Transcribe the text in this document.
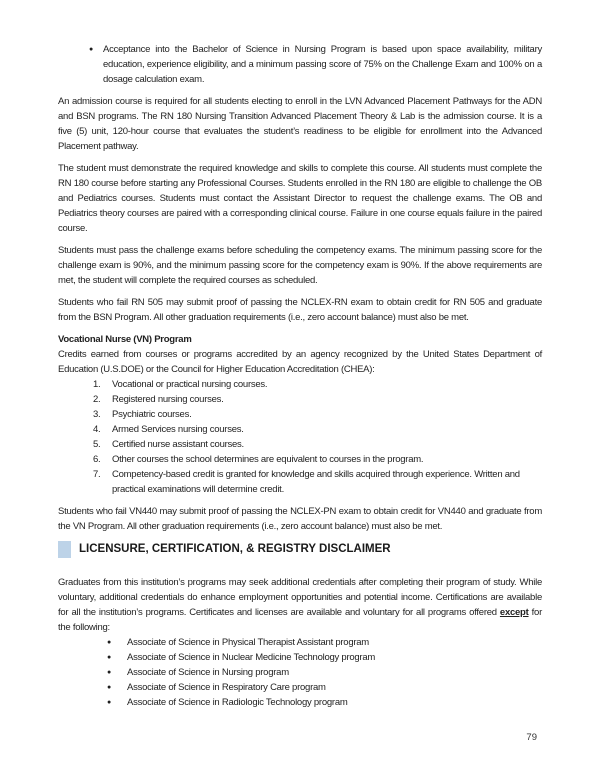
● Acceptance into the Bachelor of Science in Nursing Program is based upon space availability, military education, experience eligibility, and a minimum passing score of 75% on the Challenge Exam and 100% on a dosage calculation exam.

An admission course is required for all students electing to enroll in the LVN Advanced Placement Pathways for the ADN and BSN programs. The RN 180 Nursing Transition Advanced Placement Theory & Lab is the admission course. It is a five (5) unit, 120-hour course that evaluates the student’s readiness to be eligible for enrollment into the Advanced Placement pathway.

The student must demonstrate the required knowledge and skills to complete this course. All students must complete the RN 180 course before starting any Professional Courses. Students enrolled in the RN 180 are eligible to challenge the OB and Pediatrics courses. Students must contact the Assistant Director to request the challenge exams. The OB and Pediatrics theory courses are paired with a corresponding clinical course. Failure in one course equals failure in the paired course.

Students must pass the challenge exams before scheduling the competency exams. The minimum passing score for the challenge exam is 90%, and the minimum passing score for the competency exam is 90%. If the above requirements are met, the student will complete the required courses as scheduled.

Students who fail RN 505 may submit proof of passing the NCLEX-RN exam to obtain credit for RN 505 and graduate from the BSN Program. All other graduation requirements (i.e., zero account balance) must also be met.

Vocational Nurse (VN) Program

Credits earned from courses or programs accredited by an agency recognized by the United States Department of Education (U.S.DOE) or the Council for Higher Education Accreditation (CHEA):

Vocational or practical nursing courses.
Registered nursing courses.
Psychiatric courses.
Armed Services nursing courses.
Certified nurse assistant courses.
Other courses the school determines are equivalent to courses in the program.
Competency-based credit is granted for knowledge and skills acquired through experience. Written and practical examinations will determine credit.

Students who fail VN440 may submit proof of passing the NCLEX-PN exam to obtain credit for VN440 and graduate from the VN Program. All other graduation requirements (i.e., zero account balance) must also be met.

LICENSURE, CERTIFICATION, & REGISTRY DISCLAIMER

Graduates from this institution’s programs may seek additional credentials after completing their program of study. While voluntary, additional credentials do enhance employment opportunities and potential income. Certifications are available for all the institution’s programs. Certificates and licenses are available and voluntary for all programs offered except for the following:

● Associate of Science in Physical Therapist Assistant program
● Associate of Science in Nuclear Medicine Technology program
● Associate of Science in Nursing program
● Associate of Science in Respiratory Care program
● Associate of Science in Radiologic Technology program
79
